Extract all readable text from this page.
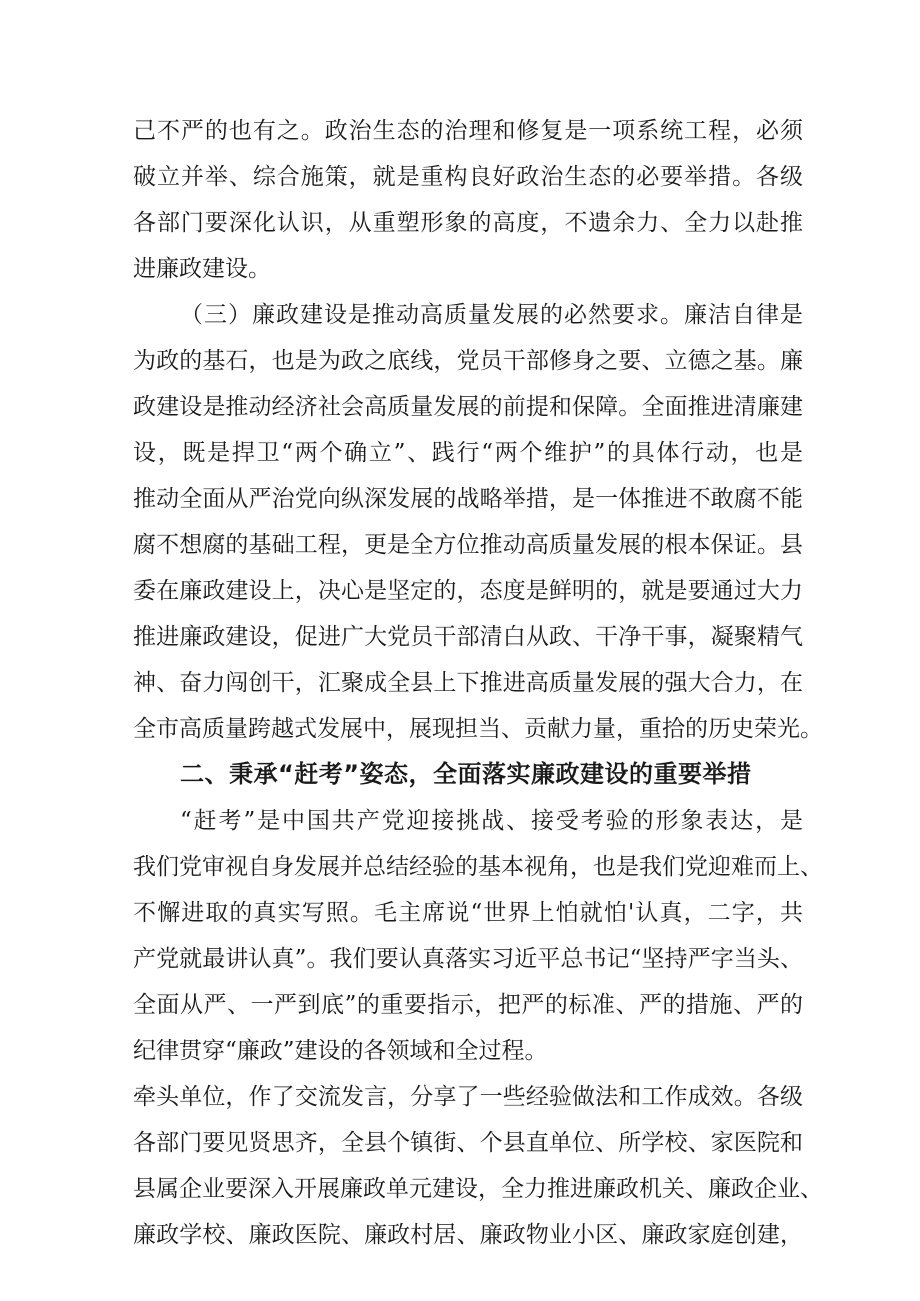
己不严的也有之。政治生态的治理和修复是一项系统工程，必须
破立并举、综合施策，就是重构良好政治生态的必要举措。各级
各部门要深化认识，从重塑形象的高度，不遗余力、全力以赴推
进廉政建设。
（三）廉政建设是推动高质量发展的必然要求。廉洁自律是
为政的基石，也是为政之底线，党员干部修身之要、立德之基。廉
政建设是推动经济社会高质量发展的前提和保障。全面推进清廉建
设，既是捍卫“两个确立”、践行“两个维护”的具体行动，也是
推动全面从严治党向纵深发展的战略举措，是一体推进不敢腐不能
腐不想腐的基础工程，更是全方位推动高质量发展的根本保证。县
委在廉政建设上，决心是坚定的，态度是鲜明的，就是要通过大力
推进廉政建设，促进广大党员干部清白从政、干净干事，凝聚精气
神、奋力闯创干，汇聚成全县上下推进高质量发展的强大合力，在
全市高质量跨越式发展中，展现担当、贡献力量，重拾的历史荣光。
二、秉承“赶考”姿态，全面落实廉政建设的重要举措
“赶考”是中国共产党迎接挑战、接受考验的形象表达，是
我们党审视自身发展并总结经验的基本视角，也是我们党迎难而上、
不懈进取的真实写照。毛主席说“世界上怕就怕'认真，二字，共
产党就最讲认真”。我们要认真落实习近平总书记“坚持严字当头、
全面从严、一严到底”的重要指示，把严的标准、严的措施、严的
纪律贯穿“廉政”建设的各领域和全过程。
牵头单位，作了交流发言，分享了一些经验做法和工作成效。各级
各部门要见贤思齐，全县个镇街、个县直单位、所学校、家医院和
县属企业要深入开展廉政单元建设，全力推进廉政机关、廉政企业、
廉政学校、廉政医院、廉政村居、廉政物业小区、廉政家庭创建，
